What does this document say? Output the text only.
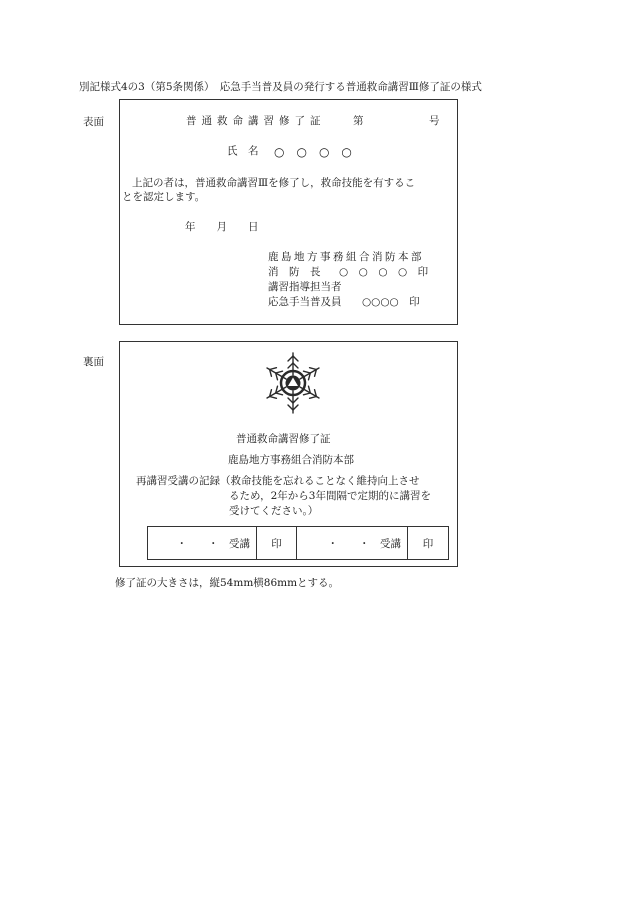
別記様式4の3（第5条関係）　応急手当普及員の発行する普通救命講習Ⅲ修了証の様式
表面	普通救命講習修了証	第	号
氏　名 ○　○　○　○
上記の者は，普通救命講習Ⅲを修了し，救命技能を有するこ
とを認定します。
年　　月　　日
鹿島地方事務組合消防本部
消　防　長 ○　○　○　○　印
講習指導担当者
応急手当普及員 ○○○○　印
裏面
普通救命講習修了証
鹿島地方事務組合消防本部
再講習受講の記録（救命技能を忘れることなく維持向上させ
るため，2年から3年間隔で定期的に講習を
受けてください。）
・　　・　 受講	印	・　　・　 受講	印
修了証の大きさは，縦54mm横86mmとする。
